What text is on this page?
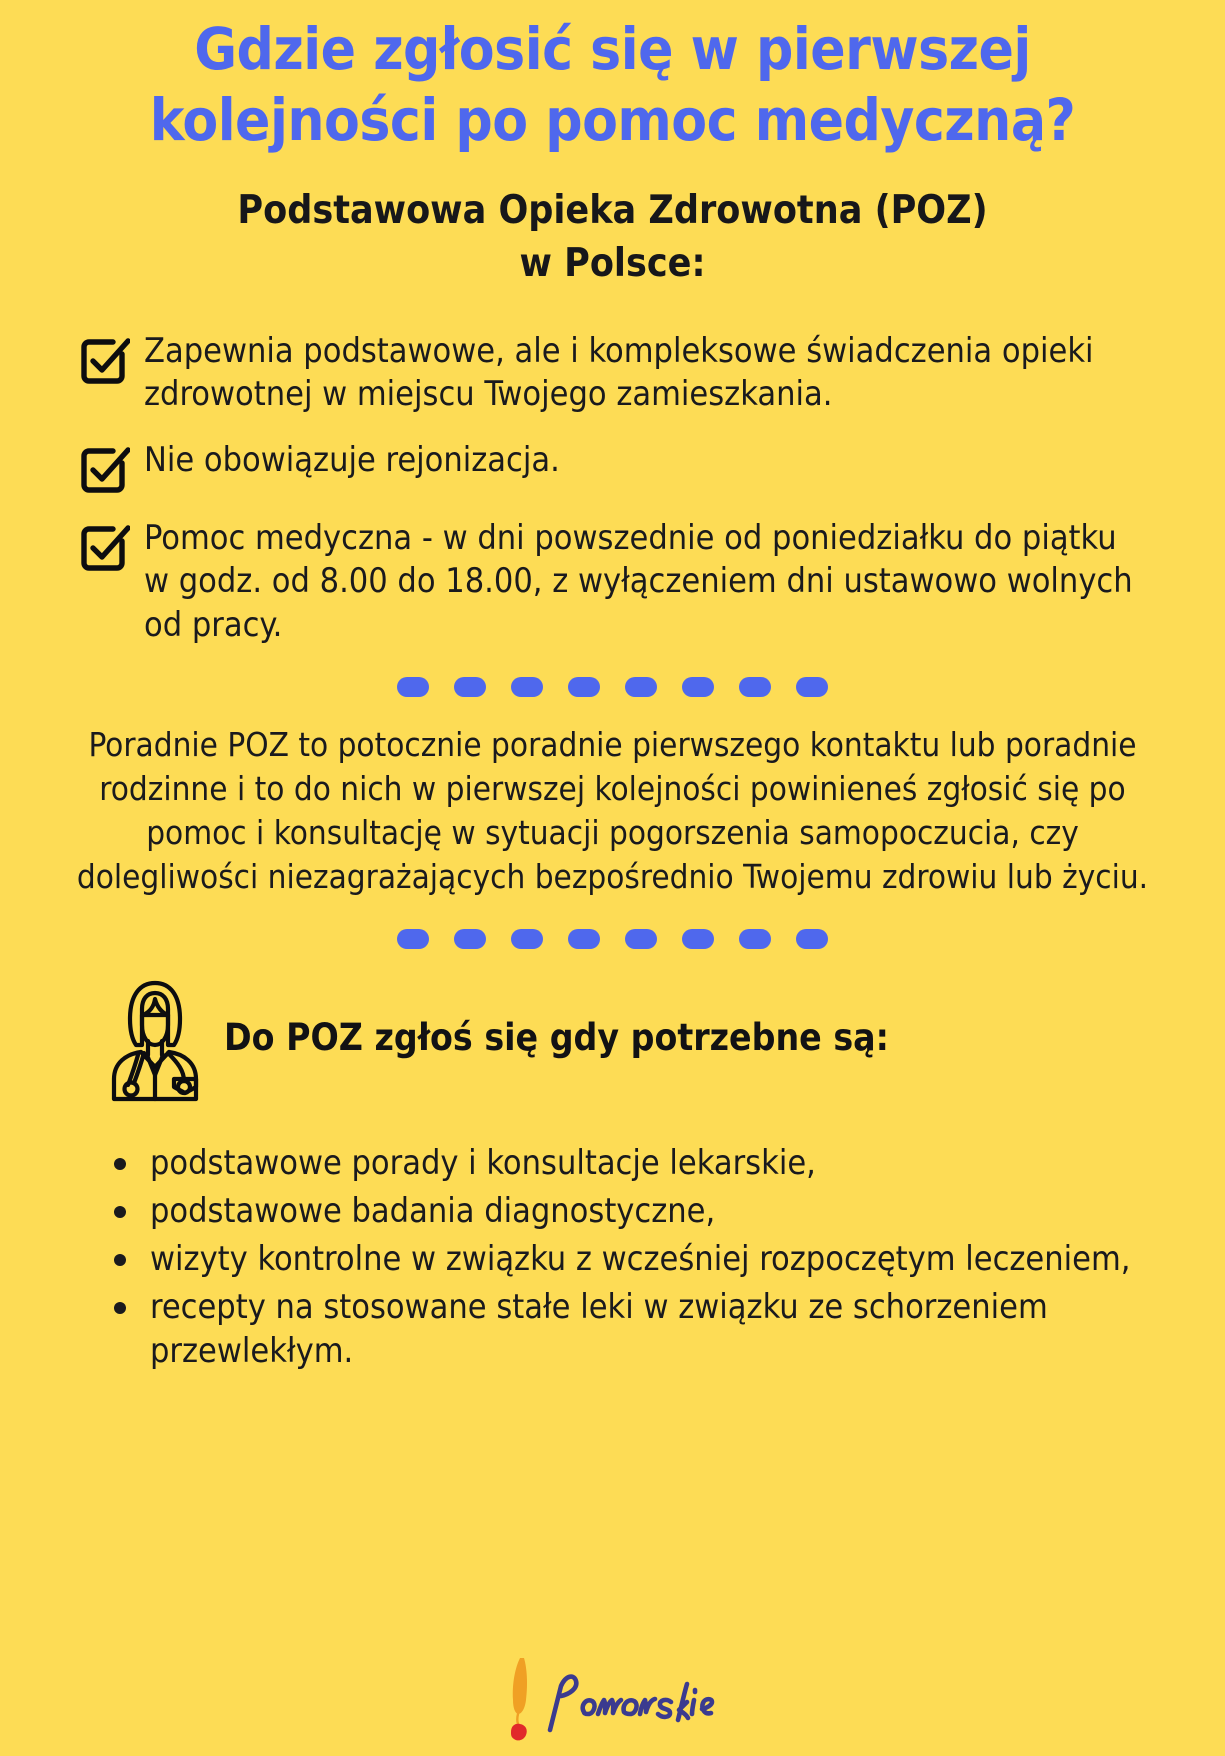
Gdzie zgłosić się w pierwszej kolejności po pomoc medyczną?
Podstawowa Opieka Zdrowotna (POZ)
w Polsce:
Zapewnia podstawowe, ale i kompleksowe świadczenia opieki zdrowotnej w miejscu Twojego zamieszkania.
Nie obowiązuje rejonizacja.
Pomoc medyczna - w dni powszednie od poniedziałku do piątku w godz. od 8.00 do 18.00, z wyłączeniem dni ustawowo wolnych od pracy.

Poradnie POZ to potocznie poradnie pierwszego kontaktu lub poradnie rodzinne i to do nich w pierwszej kolejności powinieneś zgłosić się po pomoc i konsultację w sytuacji pogorszenia samopoczucia, czy dolegliwości niezagrażających bezpośrednio Twojemu zdrowiu lub życiu.

Do POZ zgłoś się gdy potrzebne są:
podstawowe porady i konsultacje lekarskie,
podstawowe badania diagnostyczne,
wizyty kontrolne w związku z wcześniej rozpoczętym leczeniem,
recepty na stosowane stałe leki w związku ze schorzeniem przewlekłym.
